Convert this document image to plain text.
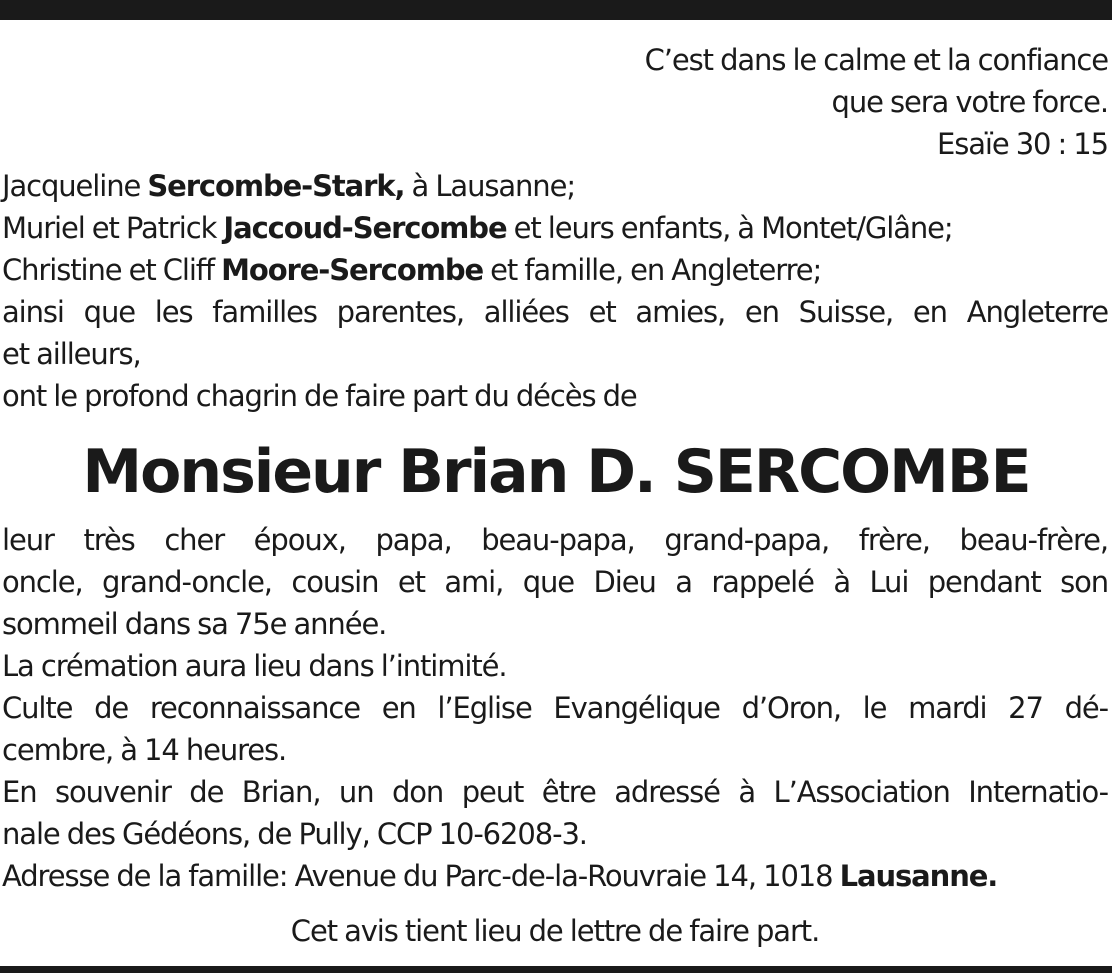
C’est dans le calme et la confiance

que sera votre force.

Esaïe 30 : 15

Jacqueline Sercombe-Stark, à Lausanne;

Muriel et Patrick Jaccoud-Sercombe et leurs enfants, à Montet/Glâne;

Christine et Cliff Moore-Sercombe et famille, en Angleterre;

ainsi que les familles parentes, alliées et amies, en Suisse, en Angleterre

et ailleurs,

ont le profond chagrin de faire part du décès de

Monsieur Brian D. SERCOMBE

leur très cher époux, papa, beau-papa, grand-papa, frère, beau-frère,

oncle, grand-oncle, cousin et ami, que Dieu a rappelé à Lui pendant son

sommeil dans sa 75e année.

La crémation aura lieu dans l’intimité.

Culte de reconnaissance en l’Eglise Evangélique d’Oron, le mardi 27 dé-

cembre, à 14 heures.

En souvenir de Brian, un don peut être adressé à L’Association Internatio-

nale des Gédéons, de Pully, CCP 10-6208-3.

Adresse de la famille: Avenue du Parc-de-la-Rouvraie 14, 1018 Lausanne.

Cet avis tient lieu de lettre de faire part.
